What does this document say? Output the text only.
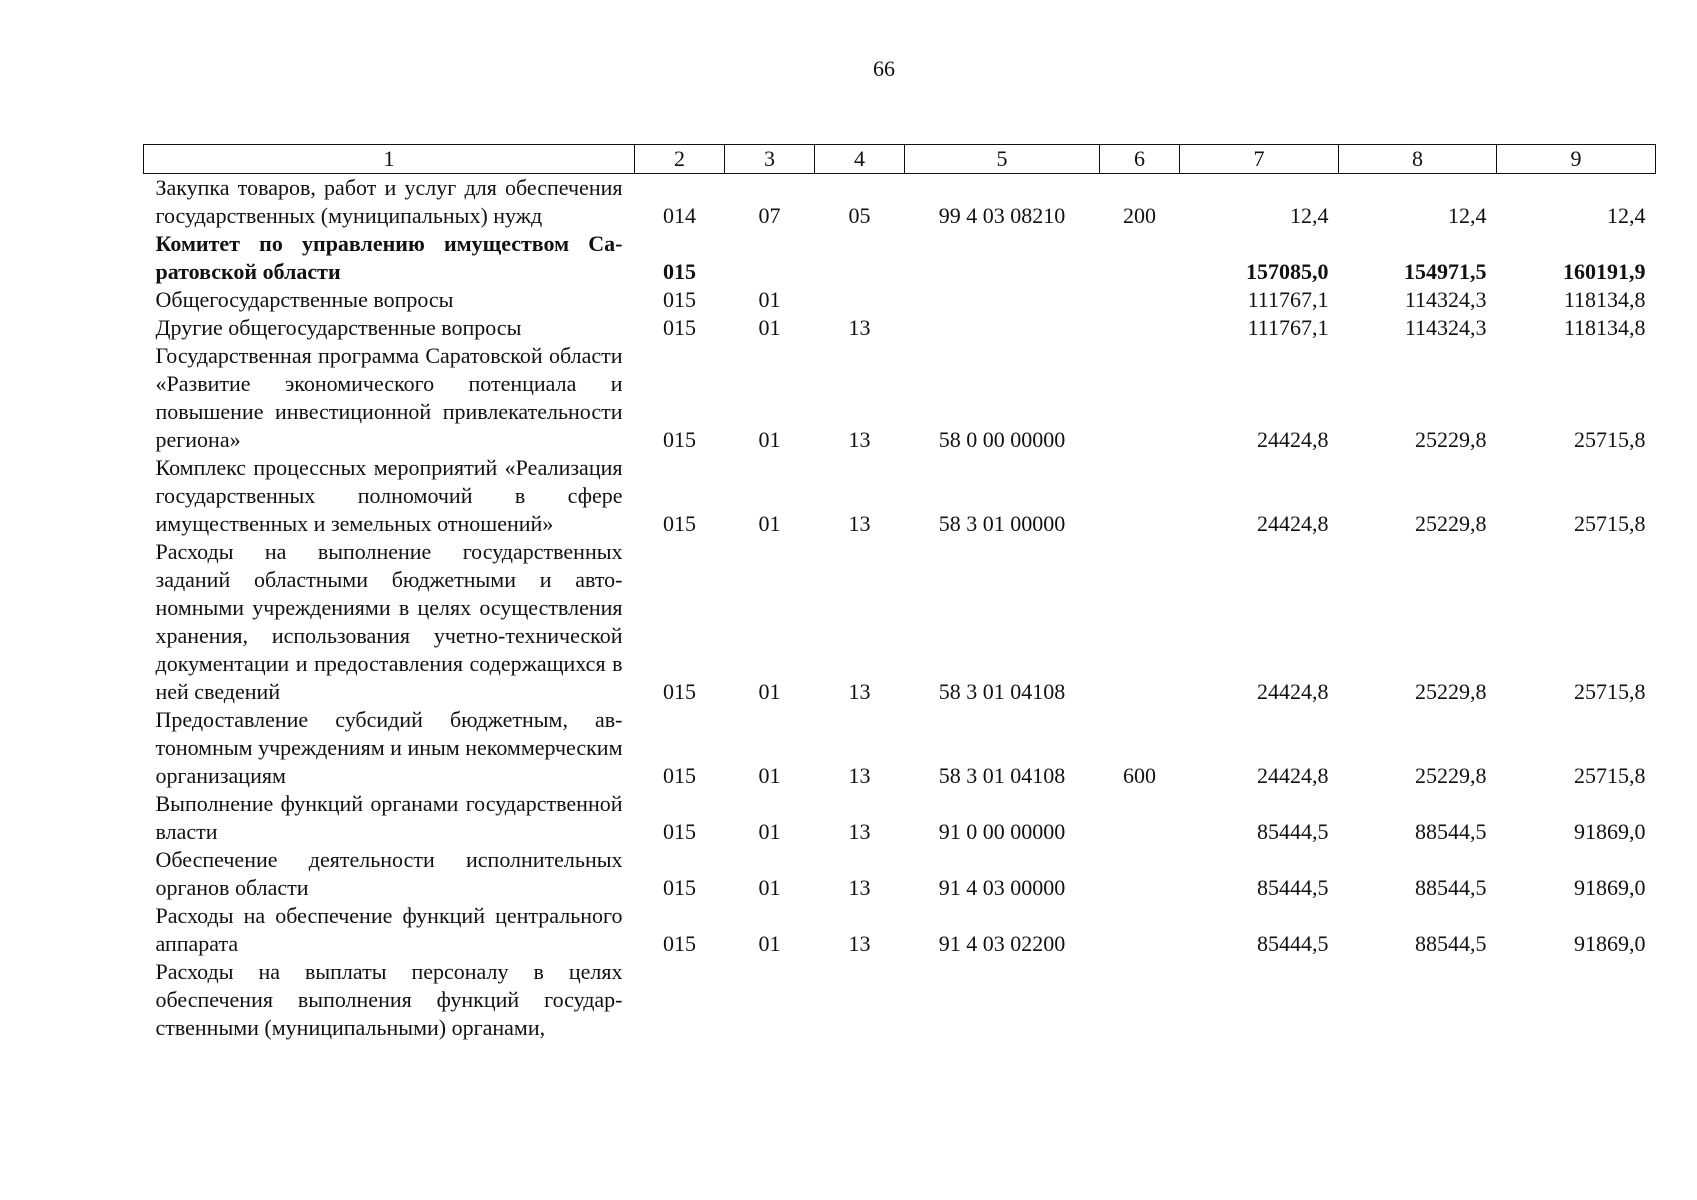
66
1	2	3	4	5	6	7	8	9
Закупка товаров, работ и услуг для обеспечения государственных (муниципальных) нужд	014	07	05	99 4 03 08210	200	12,4	12,4	12,4
Комитет по управлению имуществом Саратовской области	015					157085,0	154971,5	160191,9
Общегосударственные вопросы	015	01				111767,1	114324,3	118134,8
Другие общегосударственные вопросы	015	01	13			111767,1	114324,3	118134,8
Государственная программа Саратовской области «Развитие экономического потенциала и повышение инвестиционной привлекательности региона»	015	01	13	58 0 00 00000		24424,8	25229,8	25715,8
Комплекс процессных мероприятий «Реализация государственных полномочий в сфере имущественных и земельных отношений»	015	01	13	58 3 01 00000		24424,8	25229,8	25715,8
Расходы на выполнение государственных заданий областными бюджетными и автономными учреждениями в целях осуществления хранения, использования учетно-технической документации и предоставления содержащихся в ней сведений	015	01	13	58 3 01 04108		24424,8	25229,8	25715,8
Предоставление субсидий бюджетным, автономным учреждениям и иным некоммерческим организациям	015	01	13	58 3 01 04108	600	24424,8	25229,8	25715,8
Выполнение функций органами государственной власти	015	01	13	91 0 00 00000		85444,5	88544,5	91869,0
Обеспечение деятельности исполнительных органов области	015	01	13	91 4 03 00000		85444,5	88544,5	91869,0
Расходы на обеспечение функций центрального аппарата	015	01	13	91 4 03 02200		85444,5	88544,5	91869,0
Расходы на выплаты персоналу в целях обеспечения выполнения функций государственными (муниципальными) органами,								
